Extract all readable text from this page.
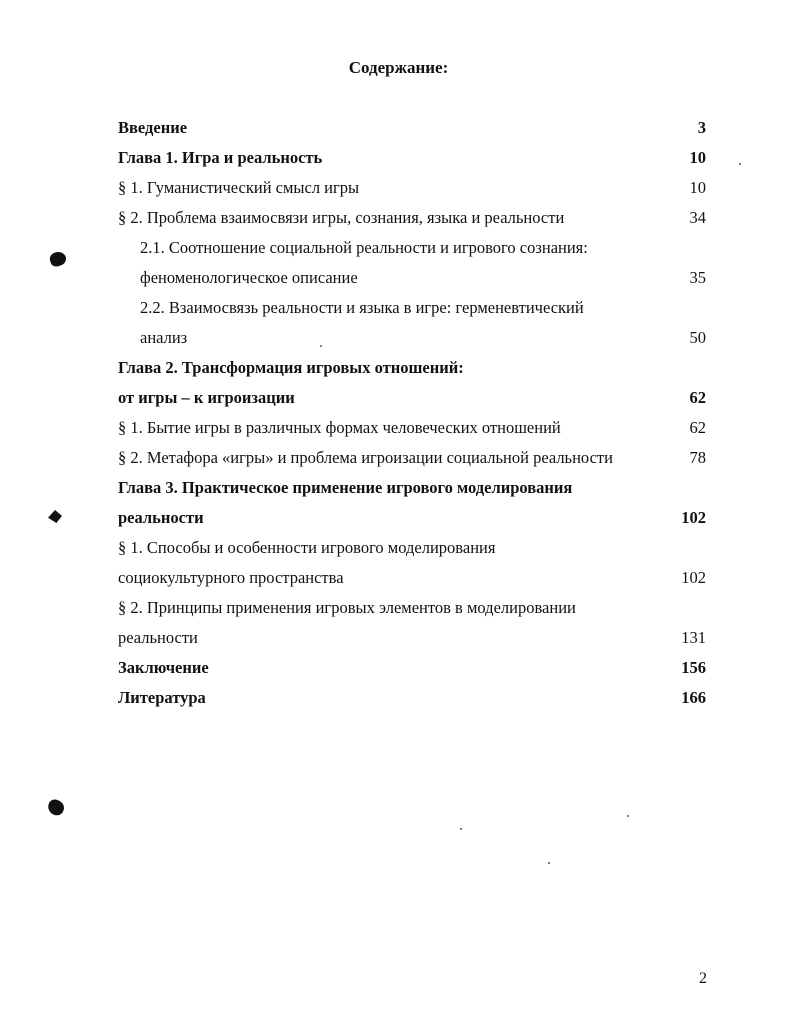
Содержание:
Введение	3
Глава 1. Игра и реальность	10
§ 1. Гуманистический смысл игры	10
§ 2. Проблема взаимосвязи игры, сознания, языка и реальности	34
2.1. Соотношение социальной реальности и игрового сознания:
феноменологическое описание	35
2.2. Взаимосвязь реальности и языка в игре: герменевтический
анализ	50
Глава 2. Трансформация игровых отношений:
от игры – к игроизации	62
§ 1. Бытие игры в различных формах человеческих отношений	62
§ 2. Метафора «игры» и проблема игроизации социальной реальности	78
Глава 3. Практическое применение игрового моделирования
реальности	102
§ 1. Способы и особенности игрового моделирования
социокультурного пространства	102
§ 2. Принципы применения игровых элементов в моделировании
реальности	131
Заключение	156
Литература	166
2
